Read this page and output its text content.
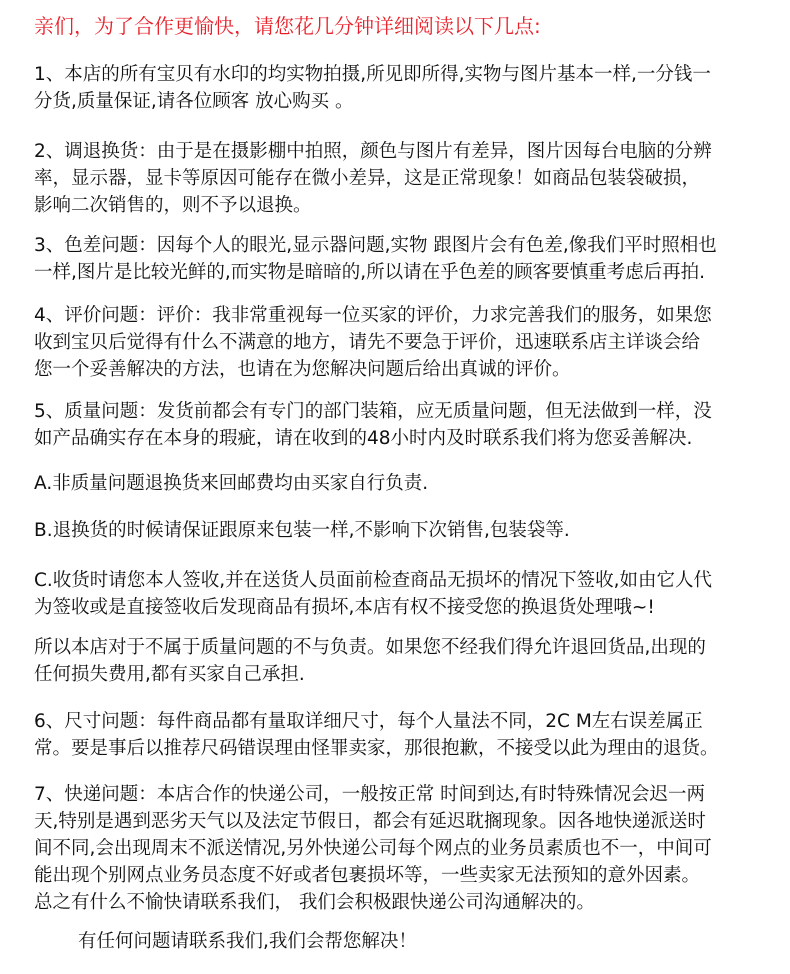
亲们，为了合作更愉快，请您花几分钟详细阅读以下几点:
1、本店的所有宝贝有水印的均实物拍摄,所见即所得,实物与图片基本一样,一分钱一
分货,质量保证,请各位顾客 放心购买 。
2、调退换货：由于是在摄影棚中拍照，颜色与图片有差异，图片因每台电脑的分辨
率，显示器，显卡等原因可能存在微小差异，这是正常现象！如商品包装袋破损，
影响二次销售的，则不予以退换。
3、色差问题：因每个人的眼光,显示器问题,实物 跟图片会有色差,像我们平时照相也
一样,图片是比较光鲜的,而实物是暗暗的,所以请在乎色差的顾客要慎重考虑后再拍.
4、评价问题：评价：我非常重视每一位买家的评价，力求完善我们的服务，如果您
收到宝贝后觉得有什么不满意的地方，请先不要急于评价，迅速联系店主详谈会给
您一个妥善解决的方法，也请在为您解决问题后给出真诚的评价。
5、质量问题：发货前都会有专门的部门装箱，应无质量问题，但无法做到一样，没
如产品确实存在本身的瑕疵，请在收到的48小时内及时联系我们将为您妥善解决.
A.非质量问题退换货来回邮费均由买家自行负责.
B.退换货的时候请保证跟原来包装一样,不影响下次销售,包装袋等.
C.收货时请您本人签收,并在送货人员面前检查商品无损坏的情况下签收,如由它人代
为签收或是直接签收后发现商品有损坏,本店有权不接受您的换退货处理哦~!
所以本店对于不属于质量问题的不与负责。如果您不经我们得允许退回货品,出现的
任何损失费用,都有买家自己承担.
6、尺寸问题：每件商品都有量取详细尺寸，每个人量法不同，2C M左右误差属正
常。要是事后以推荐尺码错误理由怪罪卖家，那很抱歉，不接受以此为理由的退货。
7、快递问题：本店合作的快递公司，一般按正常 时间到达,有时特殊情况会迟一两
天,特别是遇到恶劣天气以及法定节假日，都会有延迟耽搁现象。因各地快递派送时
间不同,会出现周末不派送情况,另外快递公司每个网点的业务员素质也不一，中间可
能出现个别网点业务员态度不好或者包裹损坏等，一些卖家无法预知的意外因素。
总之有什么不愉快请联系我们， 我们会积极跟快递公司沟通解决的。
有任何问题请联系我们,我们会帮您解决！
